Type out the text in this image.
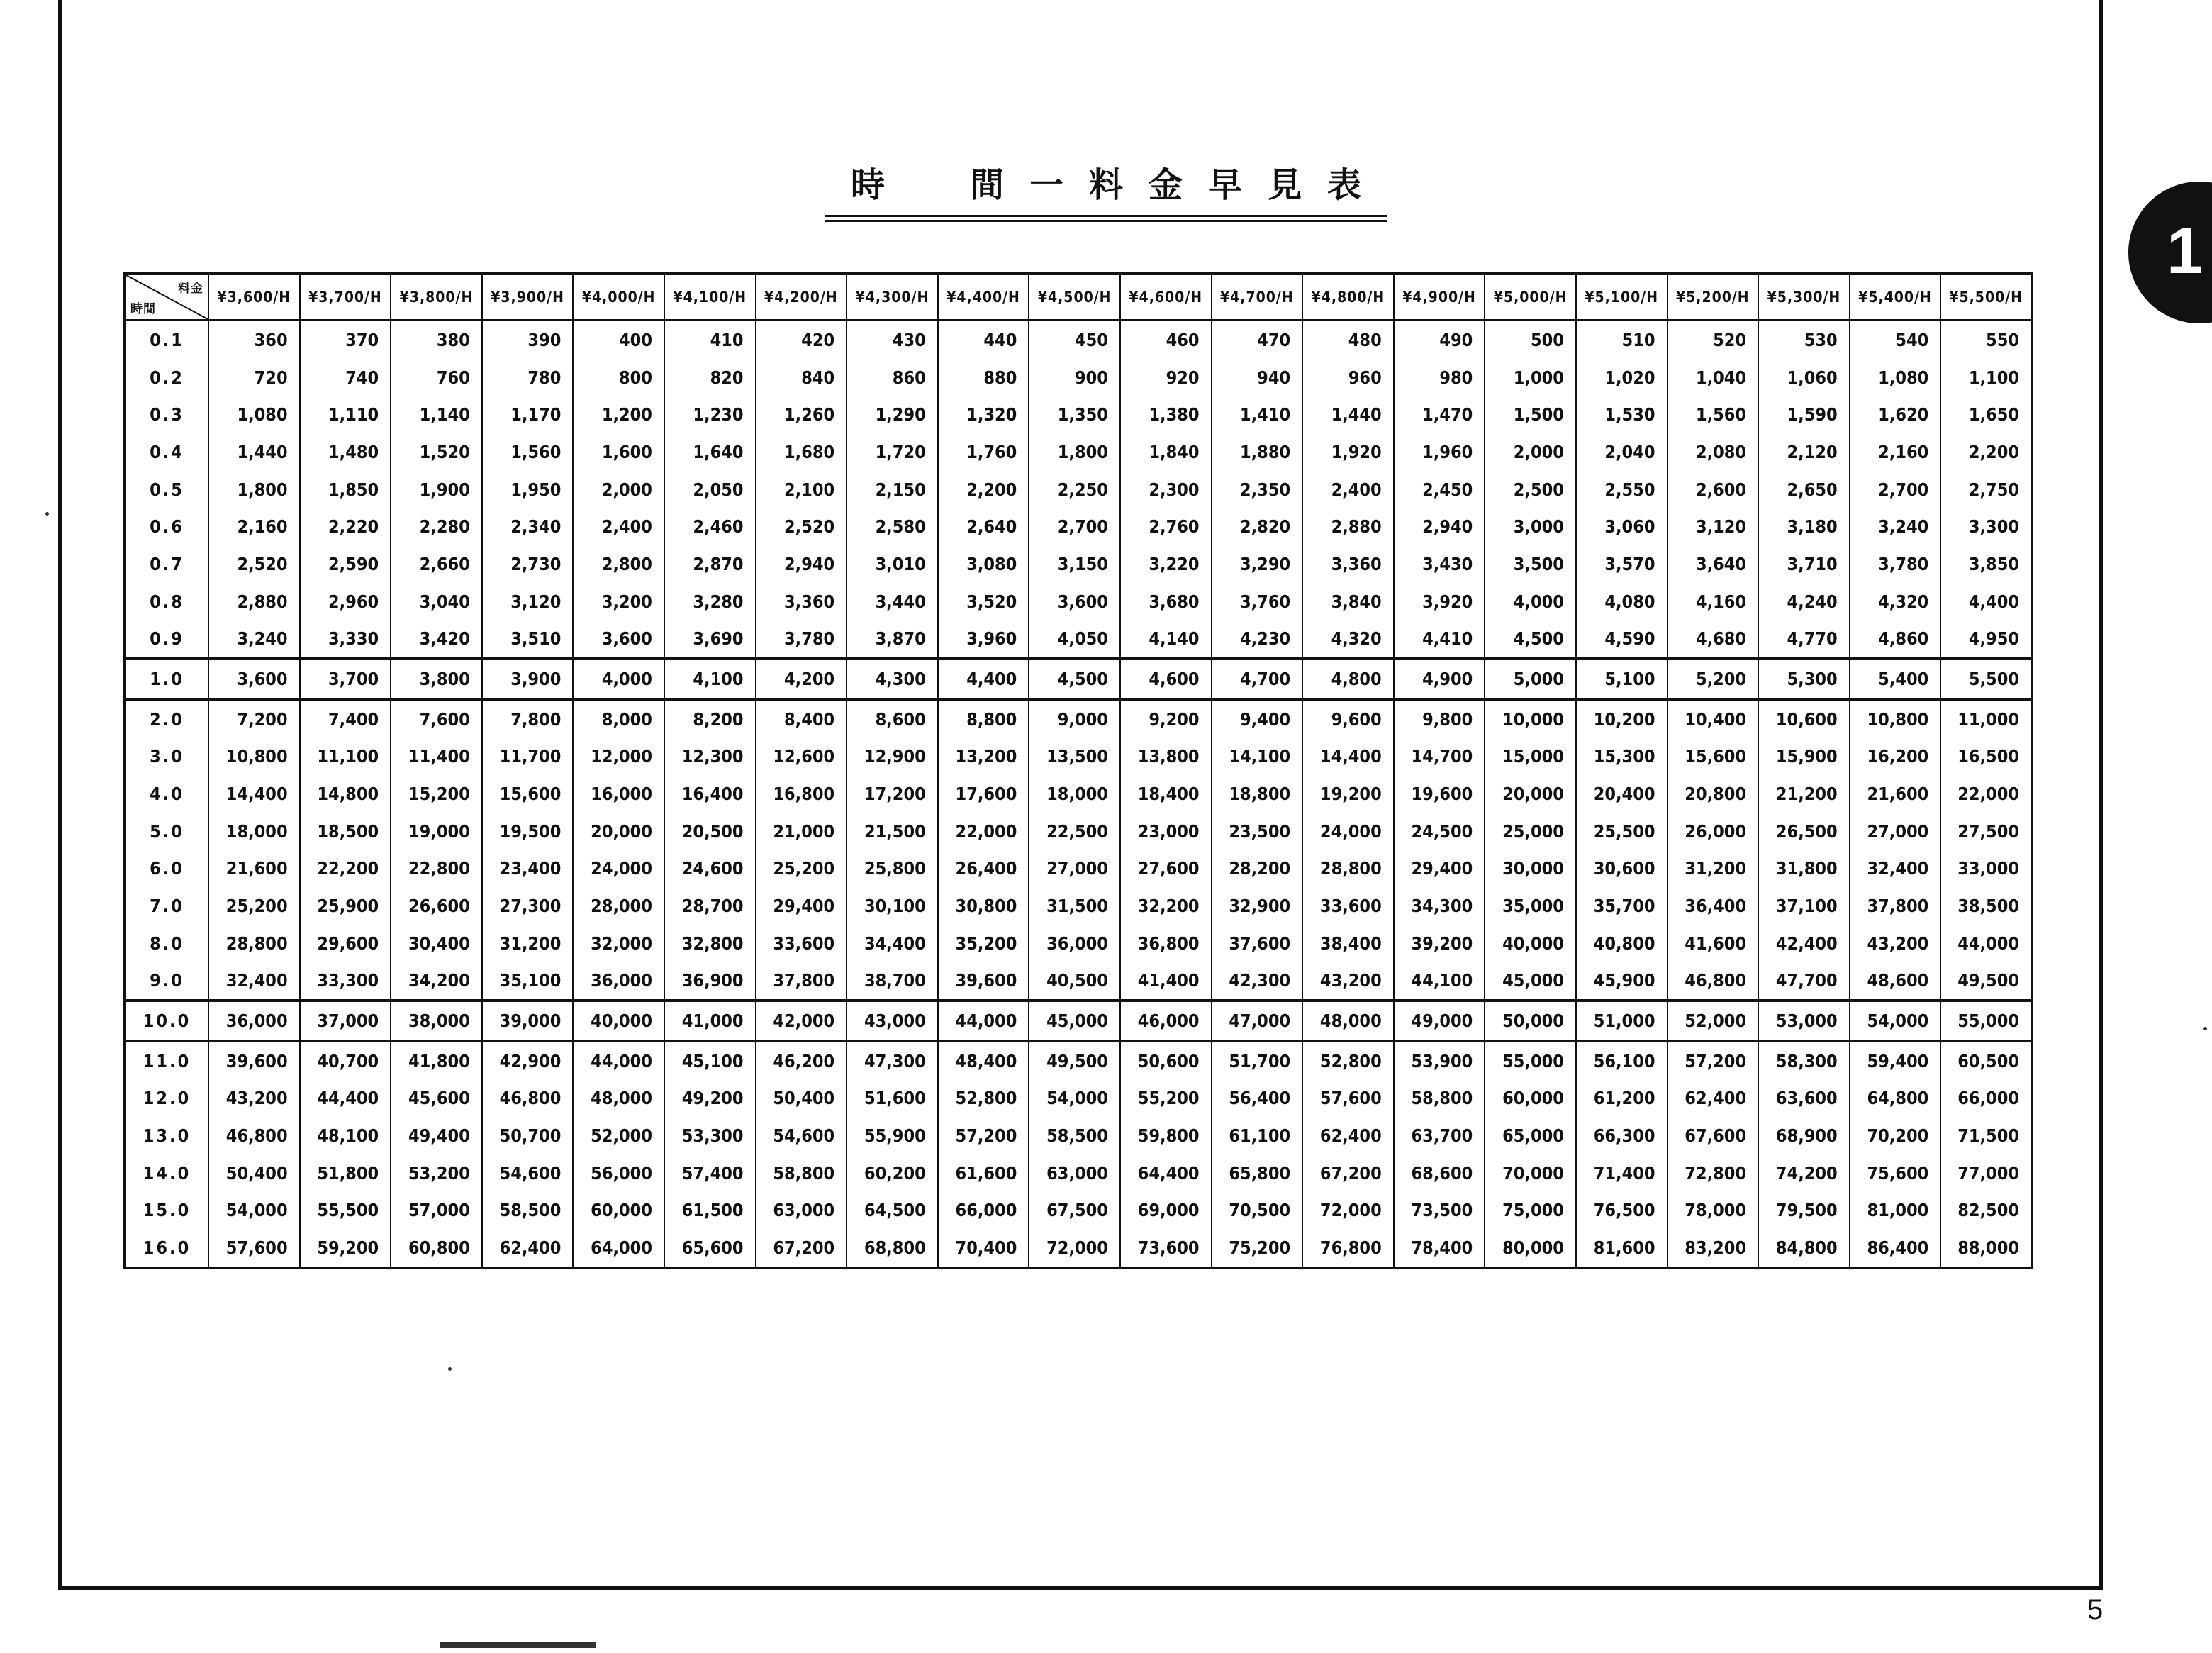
時　間一料金早見表
1
料金
時間	¥3,600/H	¥3,700/H	¥3,800/H	¥3,900/H	¥4,000/H	¥4,100/H	¥4,200/H	¥4,300/H	¥4,400/H	¥4,500/H	¥4,600/H	¥4,700/H	¥4,800/H	¥4,900/H	¥5,000/H	¥5,100/H	¥5,200/H	¥5,300/H	¥5,400/H	¥5,500/H
0.1	360	370	380	390	400	410	420	430	440	450	460	470	480	490	500	510	520	530	540	550
0.2	720	740	760	780	800	820	840	860	880	900	920	940	960	980	1,000	1,020	1,040	1,060	1,080	1,100
0.3	1,080	1,110	1,140	1,170	1,200	1,230	1,260	1,290	1,320	1,350	1,380	1,410	1,440	1,470	1,500	1,530	1,560	1,590	1,620	1,650
0.4	1,440	1,480	1,520	1,560	1,600	1,640	1,680	1,720	1,760	1,800	1,840	1,880	1,920	1,960	2,000	2,040	2,080	2,120	2,160	2,200
0.5	1,800	1,850	1,900	1,950	2,000	2,050	2,100	2,150	2,200	2,250	2,300	2,350	2,400	2,450	2,500	2,550	2,600	2,650	2,700	2,750
0.6	2,160	2,220	2,280	2,340	2,400	2,460	2,520	2,580	2,640	2,700	2,760	2,820	2,880	2,940	3,000	3,060	3,120	3,180	3,240	3,300
0.7	2,520	2,590	2,660	2,730	2,800	2,870	2,940	3,010	3,080	3,150	3,220	3,290	3,360	3,430	3,500	3,570	3,640	3,710	3,780	3,850
0.8	2,880	2,960	3,040	3,120	3,200	3,280	3,360	3,440	3,520	3,600	3,680	3,760	3,840	3,920	4,000	4,080	4,160	4,240	4,320	4,400
0.9	3,240	3,330	3,420	3,510	3,600	3,690	3,780	3,870	3,960	4,050	4,140	4,230	4,320	4,410	4,500	4,590	4,680	4,770	4,860	4,950
1.0	3,600	3,700	3,800	3,900	4,000	4,100	4,200	4,300	4,400	4,500	4,600	4,700	4,800	4,900	5,000	5,100	5,200	5,300	5,400	5,500
2.0	7,200	7,400	7,600	7,800	8,000	8,200	8,400	8,600	8,800	9,000	9,200	9,400	9,600	9,800	10,000	10,200	10,400	10,600	10,800	11,000
3.0	10,800	11,100	11,400	11,700	12,000	12,300	12,600	12,900	13,200	13,500	13,800	14,100	14,400	14,700	15,000	15,300	15,600	15,900	16,200	16,500
4.0	14,400	14,800	15,200	15,600	16,000	16,400	16,800	17,200	17,600	18,000	18,400	18,800	19,200	19,600	20,000	20,400	20,800	21,200	21,600	22,000
5.0	18,000	18,500	19,000	19,500	20,000	20,500	21,000	21,500	22,000	22,500	23,000	23,500	24,000	24,500	25,000	25,500	26,000	26,500	27,000	27,500
6.0	21,600	22,200	22,800	23,400	24,000	24,600	25,200	25,800	26,400	27,000	27,600	28,200	28,800	29,400	30,000	30,600	31,200	31,800	32,400	33,000
7.0	25,200	25,900	26,600	27,300	28,000	28,700	29,400	30,100	30,800	31,500	32,200	32,900	33,600	34,300	35,000	35,700	36,400	37,100	37,800	38,500
8.0	28,800	29,600	30,400	31,200	32,000	32,800	33,600	34,400	35,200	36,000	36,800	37,600	38,400	39,200	40,000	40,800	41,600	42,400	43,200	44,000
9.0	32,400	33,300	34,200	35,100	36,000	36,900	37,800	38,700	39,600	40,500	41,400	42,300	43,200	44,100	45,000	45,900	46,800	47,700	48,600	49,500
10.0	36,000	37,000	38,000	39,000	40,000	41,000	42,000	43,000	44,000	45,000	46,000	47,000	48,000	49,000	50,000	51,000	52,000	53,000	54,000	55,000
11.0	39,600	40,700	41,800	42,900	44,000	45,100	46,200	47,300	48,400	49,500	50,600	51,700	52,800	53,900	55,000	56,100	57,200	58,300	59,400	60,500
12.0	43,200	44,400	45,600	46,800	48,000	49,200	50,400	51,600	52,800	54,000	55,200	56,400	57,600	58,800	60,000	61,200	62,400	63,600	64,800	66,000
13.0	46,800	48,100	49,400	50,700	52,000	53,300	54,600	55,900	57,200	58,500	59,800	61,100	62,400	63,700	65,000	66,300	67,600	68,900	70,200	71,500
14.0	50,400	51,800	53,200	54,600	56,000	57,400	58,800	60,200	61,600	63,000	64,400	65,800	67,200	68,600	70,000	71,400	72,800	74,200	75,600	77,000
15.0	54,000	55,500	57,000	58,500	60,000	61,500	63,000	64,500	66,000	67,500	69,000	70,500	72,000	73,500	75,000	76,500	78,000	79,500	81,000	82,500
16.0	57,600	59,200	60,800	62,400	64,000	65,600	67,200	68,800	70,400	72,000	73,600	75,200	76,800	78,400	80,000	81,600	83,200	84,800	86,400	88,000
5
